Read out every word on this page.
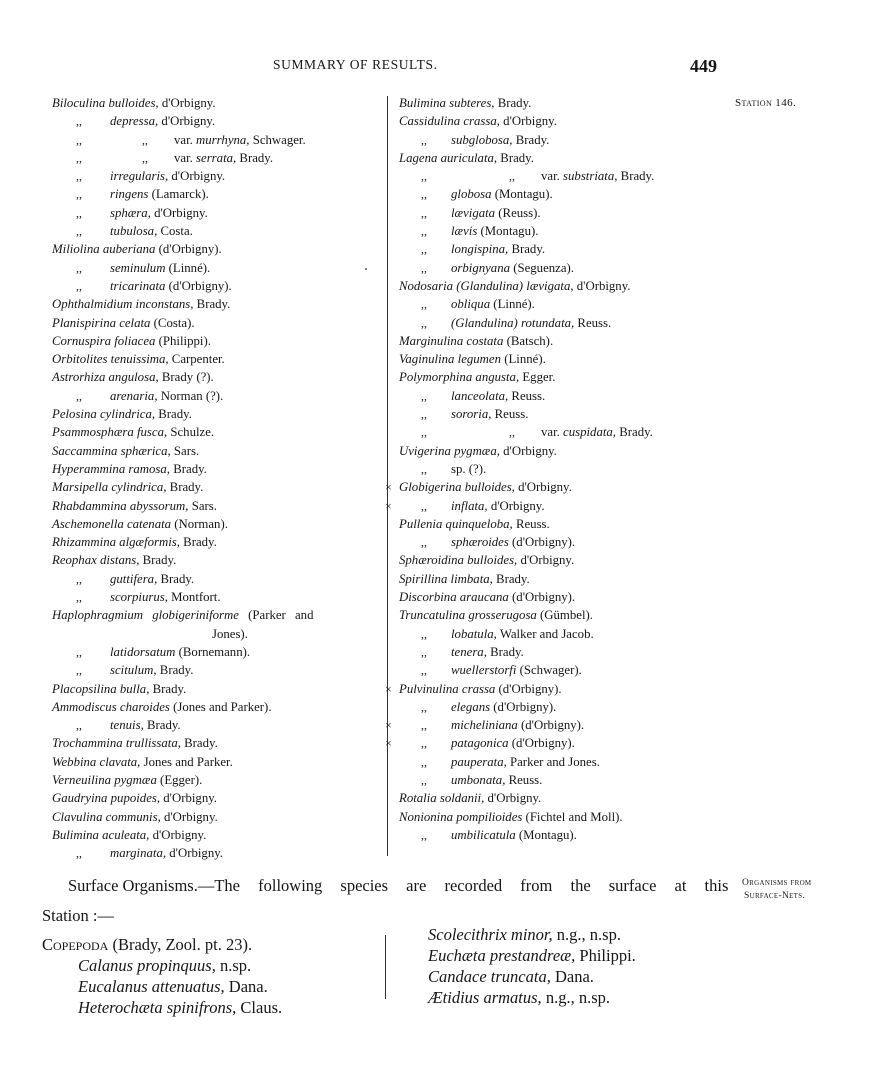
SUMMARY OF RESULTS.	449
Station 146.
Biloculina bulloides, d'Orbigny.
,, depressa, d'Orbigny.
,,	,, var. murrhyna, Schwager.
,,	,, var. serrata, Brady.
,, irregularis, d'Orbigny.
,, ringens (Lamarck).
,, sphæra, d'Orbigny.
,, tubulosa, Costa.
Miliolina auberiana (d'Orbigny).
,, seminulum (Linné).
,, tricarinata (d'Orbigny).
Ophthalmidium inconstans, Brady.
Planispirina celata (Costa).
Cornuspira foliacea (Philippi).
Orbitolites tenuissima, Carpenter.
Astrorhiza angulosa, Brady (?).
,, arenaria, Norman (?).
Pelosina cylindrica, Brady.
Psammosphæra fusca, Schulze.
Saccammina sphærica, Sars.
Hyperammina ramosa, Brady.
Marsipella cylindrica, Brady.
Rhabdammina abyssorum, Sars.
Aschemonella catenata (Norman).
Rhizammina algæformis, Brady.
Reophax distans, Brady.
,, guttifera, Brady.
,, scorpiurus, Montfort.
Haplophragmium globigeriniforme (Parker and
Jones).
,, latidorsatum (Bornemann).
,, scitulum, Brady.
Placopsilina bulla, Brady.
Ammodiscus charoides (Jones and Parker).
,, tenuis, Brady.
Trochammina trullissata, Brady.
Webbina clavata, Jones and Parker.
Verneuilina pygmæa (Egger).
Gaudryina pupoides, d'Orbigny.
Clavulina communis, d'Orbigny.
Bulimina aculeata, d'Orbigny.
,, marginata, d'Orbigny.
Bulimina subteres, Brady.
Cassidulina crassa, d'Orbigny.
,, subglobosa, Brady.
Lagena auriculata, Brady.
,,	,, var. substriata, Brady.
,, globosa (Montagu).
,, lævigata (Reuss).
,, lævis (Montagu).
,, longispina, Brady.
,, orbignyana (Seguenza).
Nodosaria (Glandulina) lævigata, d'Orbigny.
,, obliqua (Linné).
,, (Glandulina) rotundata, Reuss.
Marginulina costata (Batsch).
Vaginulina legumen (Linné).
Polymorphina angusta, Egger.
,, lanceolata, Reuss.
,, sororia, Reuss.
,,	,, var. cuspidata, Brady.
Uvigerina pygmæa, d'Orbigny.
,, sp. (?).
× Globigerina bulloides, d'Orbigny.
× ,, inflata, d'Orbigny.
Pullenia quinqueloba, Reuss.
,, sphæroides (d'Orbigny).
Sphæroidina bulloides, d'Orbigny.
Spirillina limbata, Brady.
Discorbina araucana (d'Orbigny).
Truncatulina grosserugosa (Gümbel).
,, lobatula, Walker and Jacob.
,, tenera, Brady.
,, wuellerstorfi (Schwager).
× Pulvinulina crassa (d'Orbigny).
,, elegans (d'Orbigny).
× ,, micheliniana (d'Orbigny).
× ,, patagonica (d'Orbigny).
,, pauperata, Parker and Jones.
,, umbonata, Reuss.
Rotalia soldanii, d'Orbigny.
Nonionina pompilioides (Fichtel and Moll).
,, umbilicatula (Montagu).
Surface Organisms.—The following species are recorded from the surface at this Organisms from
Surface-Nets.
Station :—
Copepoda (Brady, Zool. pt. 23).
Calanus propinquus, n.sp.
Eucalanus attenuatus, Dana.
Heterochæta spinifrons, Claus.
Scolecithrix minor, n.g., n.sp.
Euchæta prestandreæ, Philippi.
Candace truncata, Dana.
Ætidius armatus, n.g., n.sp.
